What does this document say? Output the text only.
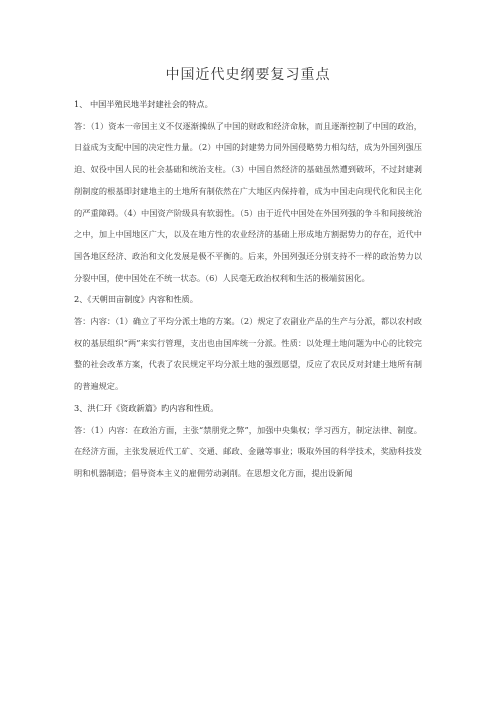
中国近代史纲要复习重点
1、 中国半殖民地半封建社会的特点。
答：（1）资本一帝国主义不仅逐渐操纵了中国的财政和经济命脉，而且逐渐控制了中国的政治，日益成为支配中国的决定性力量。（2）中国的封建势力同外国侵略势力相勾结，成为外国列强压迫、奴役中国人民的社会基础和统治支柱。（3）中国自然经济的基础虽然遭到破坏，不过封建剥削制度的根基即封建地主的土地所有制依然在广大地区内保持着，成为中国走向现代化和民主化的严重障碍。（4）中国资产阶级具有软弱性。（5）由于近代中国处在外国列强的争斗和间接统治之中，加上中国地区广大，以及在地方性的农业经济的基础上形成地方割据势力的存在，近代中国各地区经济、政治和文化发展是极不平衡的。后来，外国列强还分别支持不一样的政治势力以分裂中国，使中国处在不统一状态。（6）人民毫无政治权利和生活的极端贫困化。
2、《天朝田亩制度》内容和性质。
答：内容：（1）确立了平均分派土地的方案。（2）规定了农副业产品的生产与分派，都以农村政权的基层组织“两”来实行管理，支出也由国库统一分派。性质：以处理土地问题为中心的比较完整的社会改革方案，代表了农民规定平均分派土地的强烈愿望，反应了农民反对封建土地所有制的普遍规定。
3、洪仁玕《资政新篇》旳内容和性质。
答：（1）内容：在政治方面，主张“禁朋党之弊”，加强中央集权；学习西方，制定法律、制度。在经济方面，主张发展近代工矿、交通、邮政、金融等事业；吸取外国的科学技术，奖励科技发明和机器制造；倡导资本主义的雇佣劳动剥削。在思想文化方面，提出设新闻
